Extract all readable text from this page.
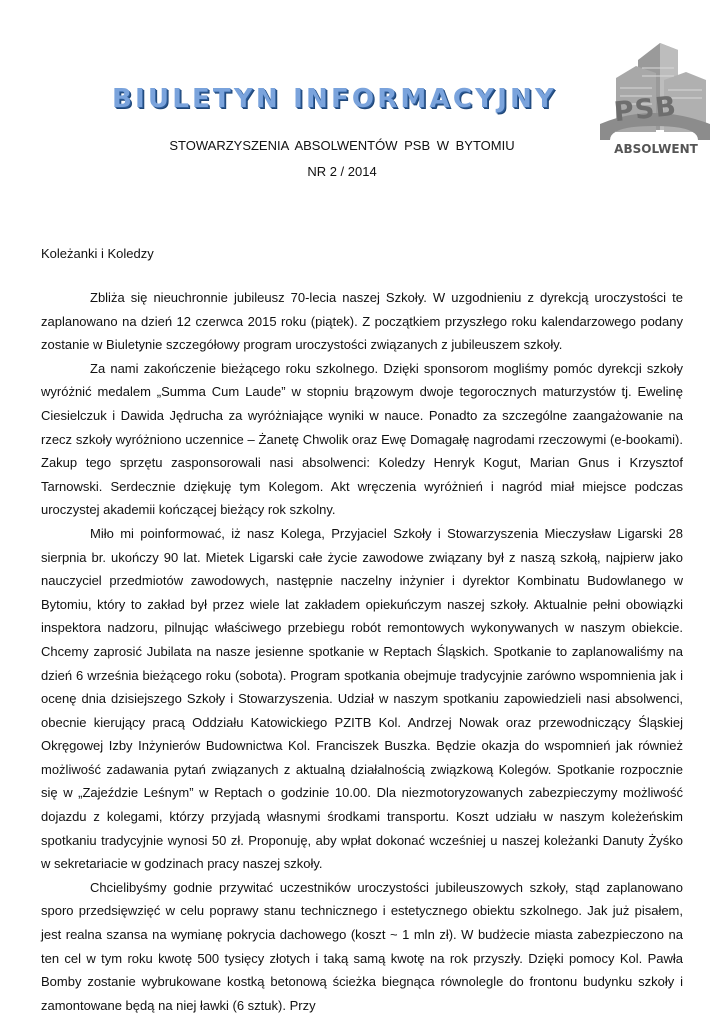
BIULETYN INFORMACYJNY
STOWARZYSZENIA ABSOLWENTÓW PSB W BYTOMIU
NR 2 / 2014
PSB
ABSOLWENT
Koleżanki i Koledzy

Zbliża się nieuchronnie jubileusz 70-lecia naszej Szkoły. W uzgodnieniu z dyrekcją uroczystości te zaplanowano na dzień 12 czerwca 2015 roku (piątek). Z początkiem przyszłego roku kalendarzowego podany zostanie w Biuletynie szczegółowy program uroczystości związanych z jubileuszem szkoły.

Za nami zakończenie bieżącego roku szkolnego. Dzięki sponsorom mogliśmy pomóc dyrekcji szkoły wyróżnić medalem „Summa Cum Laude” w stopniu brązowym dwoje tegorocznych maturzystów tj. Ewelinę Ciesielczuk i Dawida Jędrucha za wyróżniające wyniki w nauce. Ponadto za szczególne zaangażowanie na rzecz szkoły wyróżniono uczennice – Żanetę Chwolik oraz Ewę Domagałę nagrodami rzeczowymi (e-bookami). Zakup tego sprzętu zasponsorowali nasi absolwenci: Koledzy Henryk Kogut, Marian Gnus i Krzysztof Tarnowski. Serdecznie dziękuję tym Kolegom. Akt wręczenia wyróżnień i nagród miał miejsce podczas uroczystej akademii kończącej bieżący rok szkolny.

Miło mi poinformować, iż nasz Kolega, Przyjaciel Szkoły i Stowarzyszenia Mieczysław Ligarski 28 sierpnia br. ukończy 90 lat. Mietek Ligarski całe życie zawodowe związany był z naszą szkołą, najpierw jako nauczyciel przedmiotów zawodowych, następnie naczelny inżynier i dyrektor Kombinatu Budowlanego w Bytomiu, który to zakład był przez wiele lat zakładem opiekuńczym naszej szkoły. Aktualnie pełni obowiązki inspektora nadzoru, pilnując właściwego przebiegu robót remontowych wykonywanych w naszym obiekcie. Chcemy zaprosić Jubilata na nasze jesienne spotkanie w Reptach Śląskich. Spotkanie to zaplanowaliśmy na dzień 6 września bieżącego roku (sobota). Program spotkania obejmuje tradycyjnie zarówno wspomnienia jak i ocenę dnia dzisiejszego Szkoły i Stowarzyszenia. Udział w naszym spotkaniu zapowiedzieli nasi absolwenci, obecnie kierujący pracą Oddziału Katowickiego PZITB Kol. Andrzej Nowak oraz przewodniczący Śląskiej Okręgowej Izby Inżynierów Budownictwa Kol. Franciszek Buszka. Będzie okazja do wspomnień jak również możliwość zadawania pytań związanych z aktualną działalnością związkową Kolegów. Spotkanie rozpocznie się w „Zajeździe Leśnym” w Reptach o godzinie 10.00. Dla niezmotoryzowanych zabezpieczymy możliwość dojazdu z kolegami, którzy przyjadą własnymi środkami transportu. Koszt udziału w naszym koleżeńskim spotkaniu tradycyjnie wynosi 50 zł. Proponuję, aby wpłat dokonać wcześniej u naszej koleżanki Danuty Żyśko w sekretariacie w godzinach pracy naszej szkoły.

Chcielibyśmy godnie przywitać uczestników uroczystości jubileuszowych szkoły, stąd zaplanowano sporo przedsięwzięć w celu poprawy stanu technicznego i estetycznego obiektu szkolnego. Jak już pisałem, jest realna szansa na wymianę pokrycia dachowego (koszt ~ 1 mln zł). W budżecie miasta zabezpieczono na ten cel w tym roku kwotę 500 tysięcy złotych i taką samą kwotę na rok przyszły. Dzięki pomocy Kol. Pawła Bomby zostanie wybrukowane kostką betonową ścieżka biegnąca równolegle do frontonu budynku szkoły i zamontowane będą na niej ławki (6 sztuk). Przy
